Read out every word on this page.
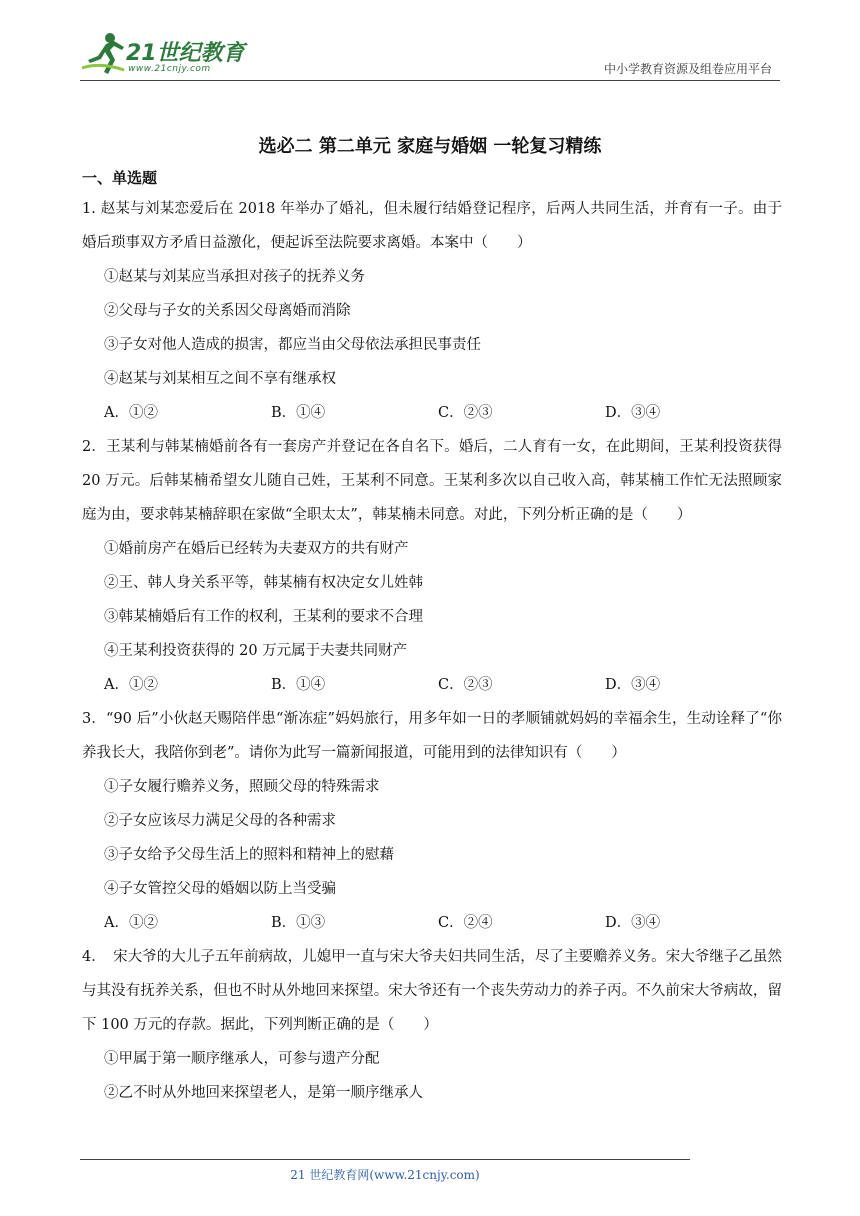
21世纪教育
www.21cnjy.com	中小学教育资源及组卷应用平台
选必二 第二单元 家庭与婚姻 一轮复习精练
一、单选题

1. 赵某与刘某恋爱后在 2018 年举办了婚礼，但未履行结婚登记程序，后两人共同生活，并育有一子。由于婚后琐事双方矛盾日益激化，便起诉至法院要求离婚。本案中（　　）

①赵某与刘某应当承担对孩子的抚养义务

②父母与子女的关系因父母离婚而消除

③子女对他人造成的损害，都应当由父母依法承担民事责任

④赵某与刘某相互之间不享有继承权

A．①②	B．①④	C．②③	D．③④

2．王某利与韩某楠婚前各有一套房产并登记在各自名下。婚后，二人育有一女，在此期间，王某利投资获得 20 万元。后韩某楠希望女儿随自己姓，王某利不同意。王某利多次以自己收入高，韩某楠工作忙无法照顾家庭为由，要求韩某楠辞职在家做“全职太太”，韩某楠未同意。对此，下列分析正确的是（　　）

①婚前房产在婚后已经转为夫妻双方的共有财产

②王、韩人身关系平等，韩某楠有权决定女儿姓韩

③韩某楠婚后有工作的权利，王某利的要求不合理

④王某利投资获得的 20 万元属于夫妻共同财产

A．①②	B．①④	C．②③	D．③④

3．“90 后”小伙赵天赐陪伴患“渐冻症”妈妈旅行，用多年如一日的孝顺铺就妈妈的幸福余生，生动诠释了“你养我长大，我陪你到老”。请你为此写一篇新闻报道，可能用到的法律知识有（　　）

①子女履行赡养义务，照顾父母的特殊需求

②子女应该尽力满足父母的各种需求

③子女给予父母生活上的照料和精神上的慰藉

④子女管控父母的婚姻以防上当受骗

A．①②	B．①③	C．②④	D．③④

4．　宋大爷的大儿子五年前病故，儿媳甲一直与宋大爷夫妇共同生活，尽了主要赡养义务。宋大爷继子乙虽然与其没有抚养关系，但也不时从外地回来探望。宋大爷还有一个丧失劳动力的养子丙。不久前宋大爷病故，留下 100 万元的存款。据此，下列判断正确的是（　　）

①甲属于第一顺序继承人，可参与遗产分配

②乙不时从外地回来探望老人，是第一顺序继承人

21 世纪教育网(www.21cnjy.com)
